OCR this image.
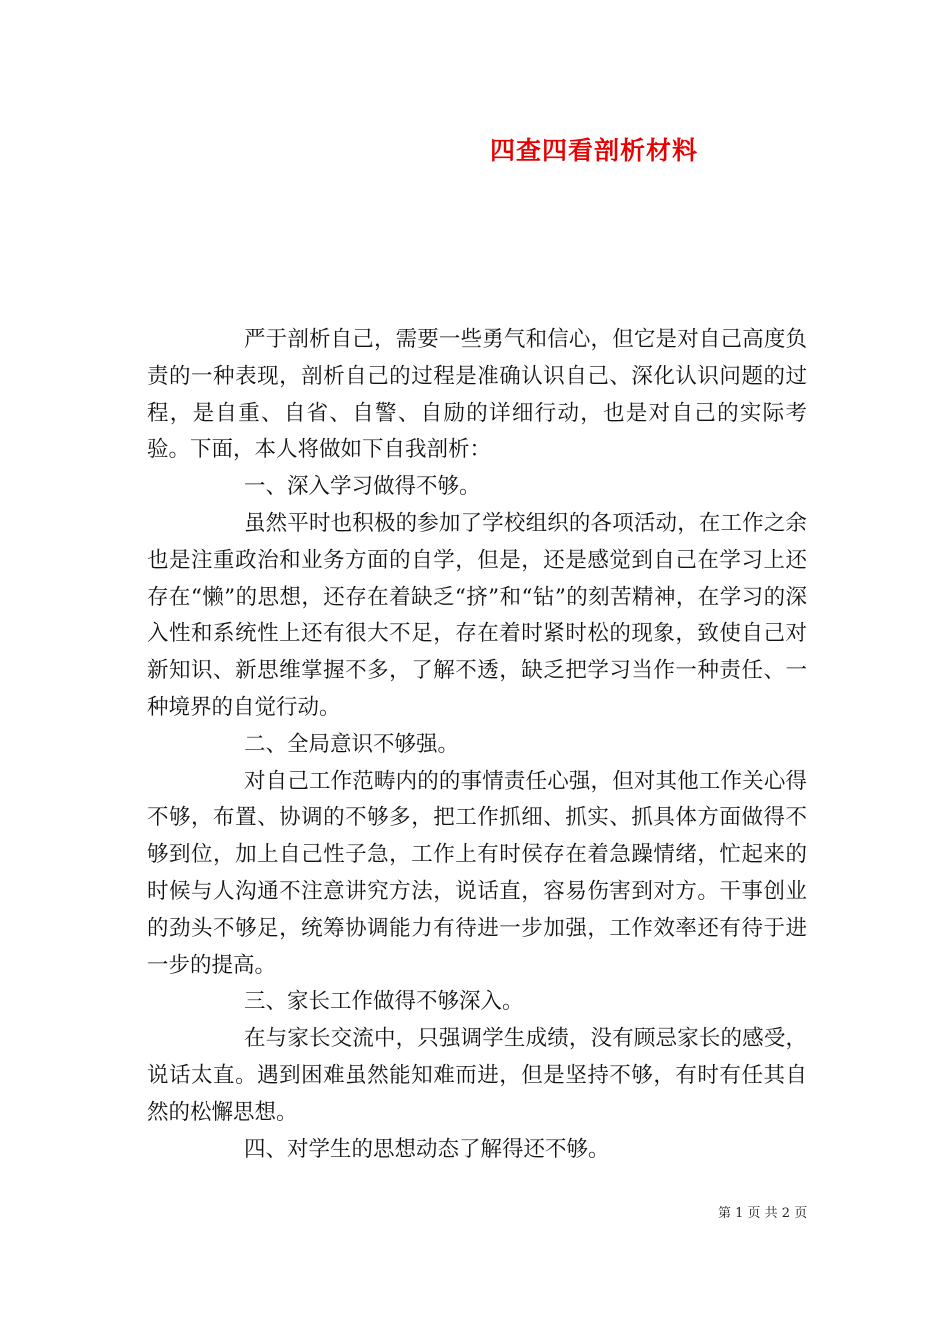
四查四看剖析材料

严于剖析自己，需要一些勇气和信心，但它是对自己高度负责的一种表现，剖析自己的过程是准确认识自己、深化认识问题的过程，是自重、自省、自警、自励的详细行动，也是对自己的实际考验。下面，本人将做如下自我剖析：

一、深入学习做得不够。

虽然平时也积极的参加了学校组织的各项活动，在工作之余也是注重政治和业务方面的自学，但是，还是感觉到自己在学习上还存在“懒”的思想，还存在着缺乏“挤”和“钻”的刻苦精神，在学习的深入性和系统性上还有很大不足，存在着时紧时松的现象，致使自己对新知识、新思维掌握不多，了解不透，缺乏把学习当作一种责任、一种境界的自觉行动。

二、全局意识不够强。

对自己工作范畴内的的事情责任心强，但对其他工作关心得不够，布置、协调的不够多，把工作抓细、抓实、抓具体方面做得不够到位，加上自己性子急，工作上有时侯存在着急躁情绪，忙起来的时候与人沟通不注意讲究方法，说话直，容易伤害到对方。干事创业的劲头不够足，统筹协调能力有待进一步加强，工作效率还有待于进一步的提高。

三、家长工作做得不够深入。

在与家长交流中，只强调学生成绩，没有顾忌家长的感受，说话太直。遇到困难虽然能知难而进，但是坚持不够，有时有任其自然的松懈思想。

四、对学生的思想动态了解得还不够。

第 1 页 共 2 页
